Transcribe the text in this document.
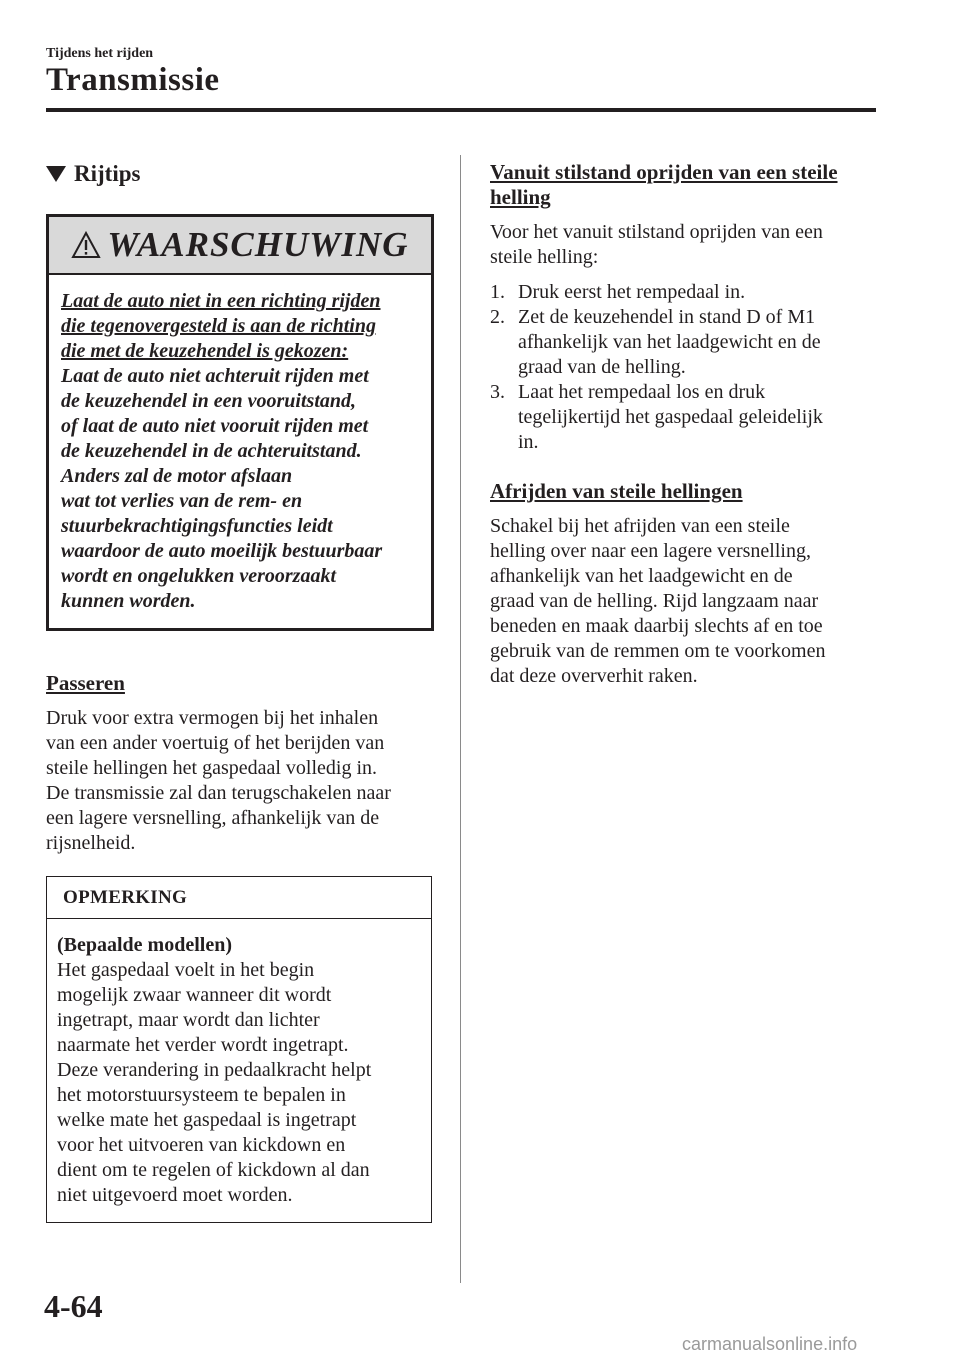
Tijdens het rijden
Transmissie
Rijtips
WAARSCHUWING
Laat de auto niet in een richting rijden
die tegenovergesteld is aan de richting
die met de keuzehendel is gekozen:
Laat de auto niet achteruit rijden met
de keuzehendel in een vooruitstand,
of laat de auto niet vooruit rijden met
de keuzehendel in de achteruitstand.
Anders zal de motor afslaan
wat tot verlies van de rem- en
stuurbekrachtigingsfuncties leidt
waardoor de auto moeilijk bestuurbaar
wordt en ongelukken veroorzaakt
kunnen worden.
Passeren
Druk voor extra vermogen bij het inhalen
van een ander voertuig of het berijden van
steile hellingen het gaspedaal volledig in.
De transmissie zal dan terugschakelen naar
een lagere versnelling, afhankelijk van de
rijsnelheid.
OPMERKING
(Bepaalde modellen)
Het gaspedaal voelt in het begin
mogelijk zwaar wanneer dit wordt
ingetrapt, maar wordt dan lichter
naarmate het verder wordt ingetrapt.
Deze verandering in pedaalkracht helpt
het motorstuursysteem te bepalen in
welke mate het gaspedaal is ingetrapt
voor het uitvoeren van kickdown en
dient om te regelen of kickdown al dan
niet uitgevoerd moet worden.
Vanuit stilstand oprijden van een steile
helling
Voor het vanuit stilstand oprijden van een
steile helling:
1. Druk eerst het rempedaal in.
2. Zet de keuzehendel in stand D of M1
afhankelijk van het laadgewicht en de
graad van de helling.
3. Laat het rempedaal los en druk
tegelijkertijd het gaspedaal geleidelijk
in.
Afrijden van steile hellingen
Schakel bij het afrijden van een steile
helling over naar een lagere versnelling,
afhankelijk van het laadgewicht en de
graad van de helling. Rijd langzaam naar
beneden en maak daarbij slechts af en toe
gebruik van de remmen om te voorkomen
dat deze oververhit raken.
4-64
carmanualsonline.info
